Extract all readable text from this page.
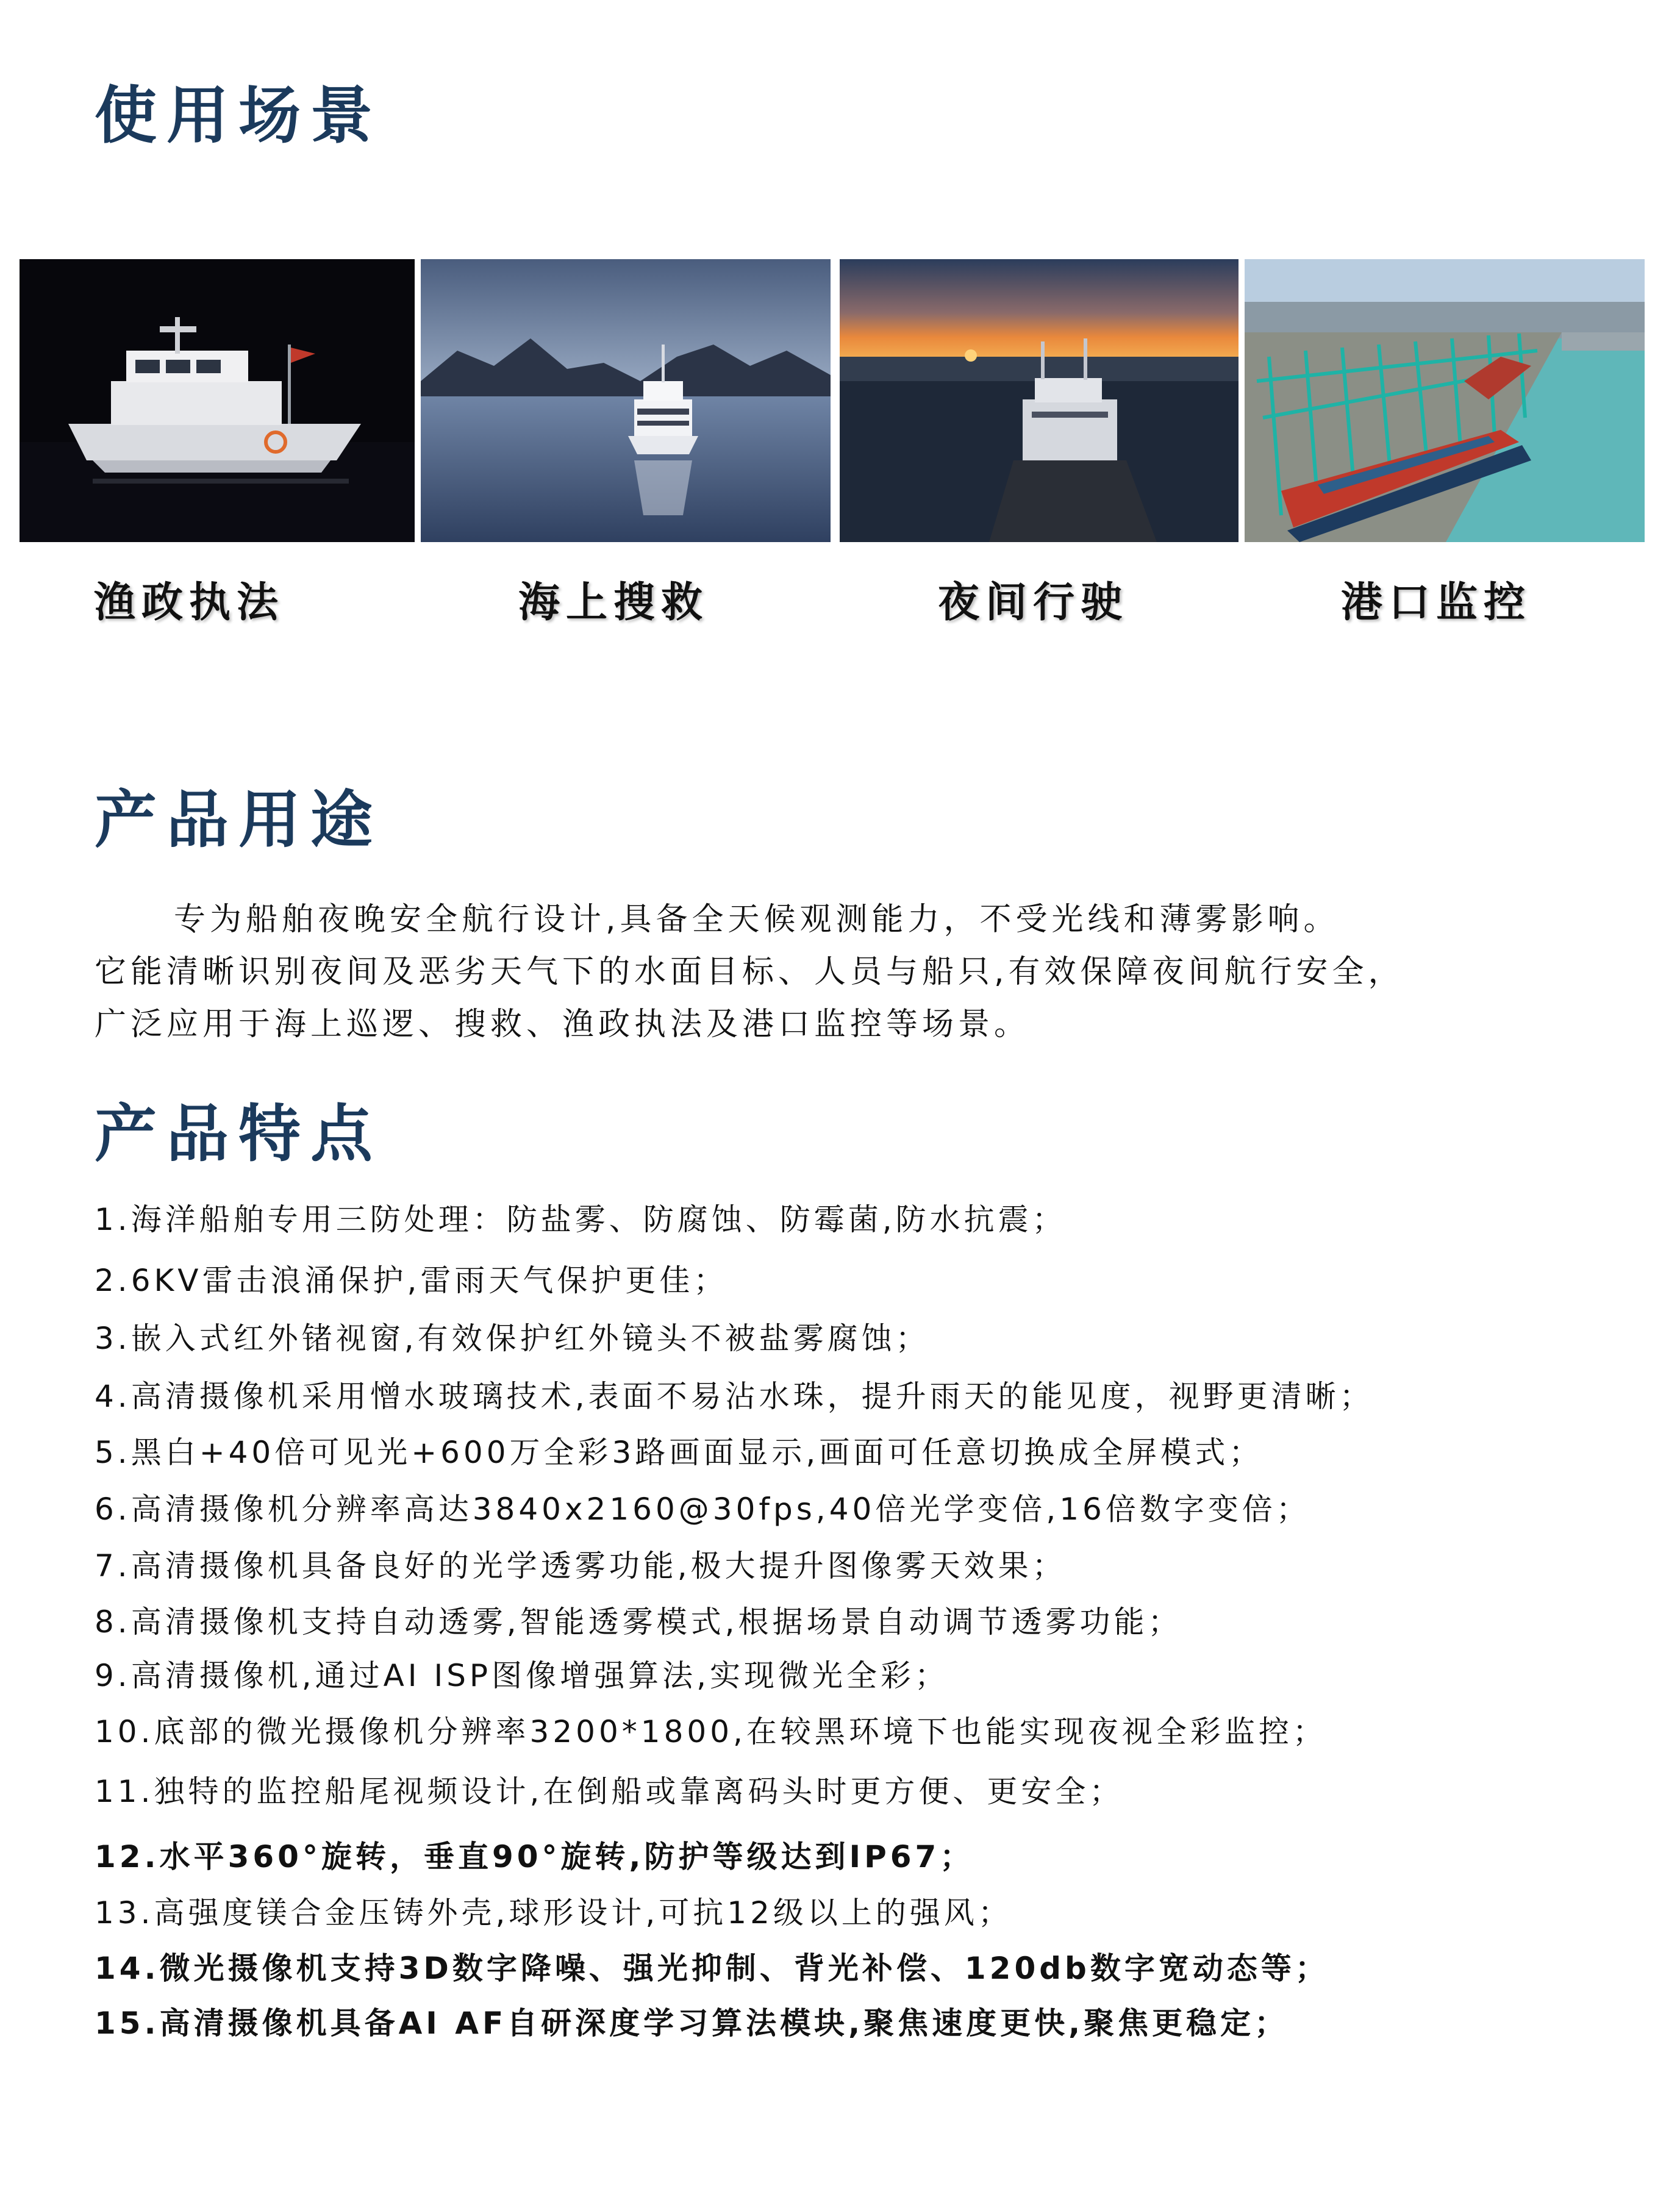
使用场景
渔政执法	海上搜救	夜间行驶	港口监控
产品用途
专为船舶夜晚安全航行设计,具备全天候观测能力，不受光线和薄雾影响。
它能清晰识别夜间及恶劣天气下的水面目标、人员与船只,有效保障夜间航行安全，
广泛应用于海上巡逻、搜救、渔政执法及港口监控等场景。
产品特点
1.海洋船舶专用三防处理：防盐雾、防腐蚀、防霉菌,防水抗震；
2.6KV雷击浪涌保护,雷雨天气保护更佳；
3.嵌入式红外锗视窗,有效保护红外镜头不被盐雾腐蚀；
4.高清摄像机采用憎水玻璃技术,表面不易沾水珠，提升雨天的能见度，视野更清晰；
5.黑白+40倍可见光+600万全彩3路画面显示,画面可任意切换成全屏模式；
6.高清摄像机分辨率高达3840x2160@30fps,40倍光学变倍,16倍数字变倍；
7.高清摄像机具备良好的光学透雾功能,极大提升图像雾天效果；
8.高清摄像机支持自动透雾,智能透雾模式,根据场景自动调节透雾功能；
9.高清摄像机,通过AI ISP图像增强算法,实现微光全彩；
10.底部的微光摄像机分辨率3200*1800,在较黑环境下也能实现夜视全彩监控；
11.独特的监控船尾视频设计,在倒船或靠离码头时更方便、更安全；
12.水平360°旋转，垂直90°旋转,防护等级达到IP67；
13.高强度镁合金压铸外壳,球形设计,可抗12级以上的强风；
14.微光摄像机支持3D数字降噪、强光抑制、背光补偿、120db数字宽动态等；
15.高清摄像机具备AI AF自研深度学习算法模块,聚焦速度更快,聚焦更稳定；
